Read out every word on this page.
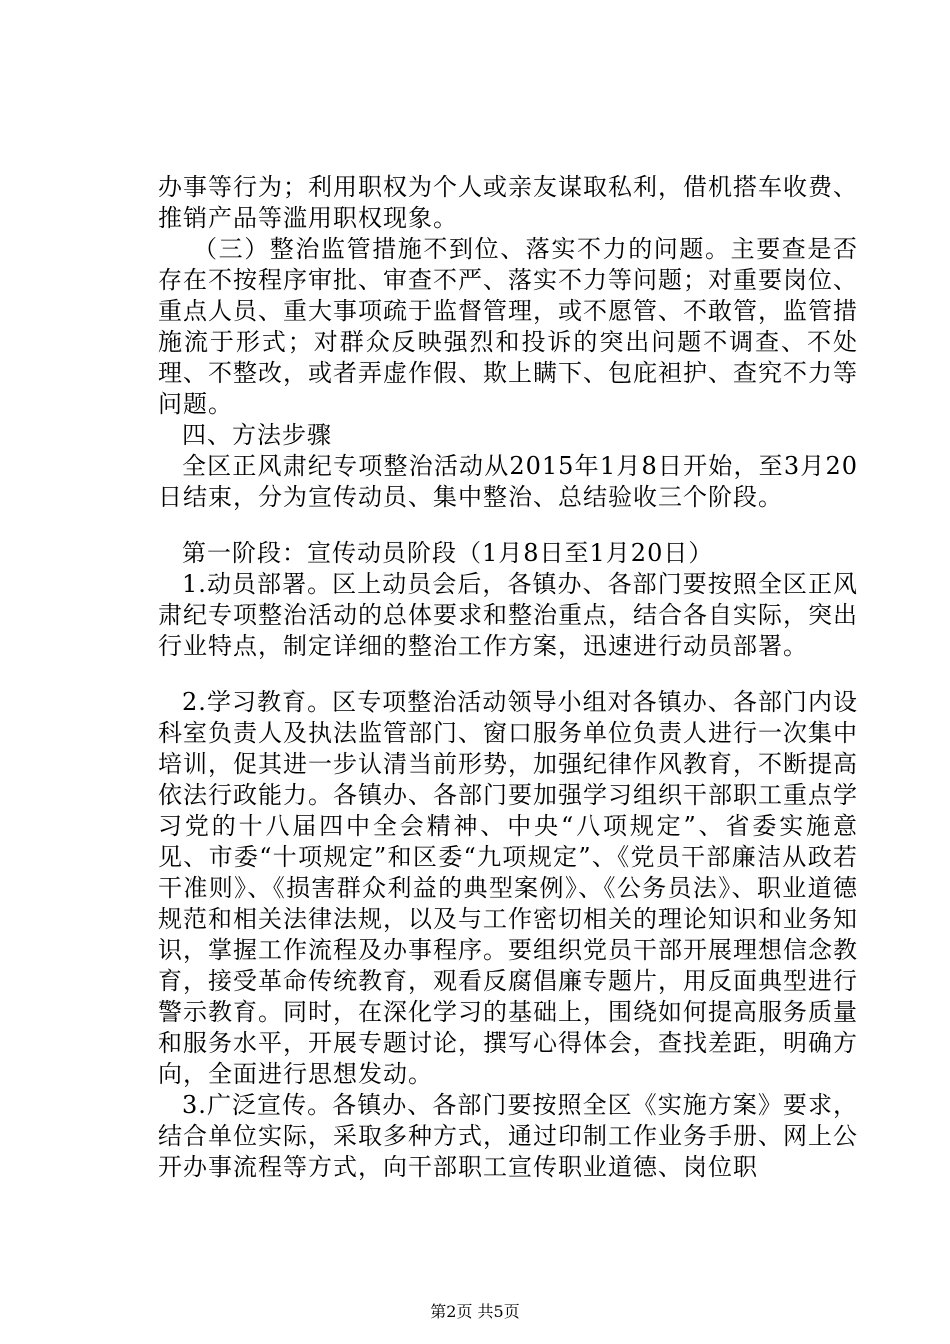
办事等行为；利用职权为个人或亲友谋取私利，借机搭车收费、推销产品等滥用职权现象。

（三）整治监管措施不到位、落实不力的问题。主要查是否存在不按程序审批、审查不严、落实不力等问题；对重要岗位、重点人员、重大事项疏于监督管理，或不愿管、不敢管，监管措施流于形式；对群众反映强烈和投诉的突出问题不调查、不处理、不整改，或者弄虚作假、欺上瞒下、包庇袒护、查究不力等问题。

四、方法步骤

全区正风肃纪专项整治活动从2015年1月8日开始，至3月20日结束，分为宣传动员、集中整治、总结验收三个阶段。

第一阶段：宣传动员阶段（1月8日至1月20日）

1.动员部署。区上动员会后，各镇办、各部门要按照全区正风肃纪专项整治活动的总体要求和整治重点，结合各自实际，突出行业特点，制定详细的整治工作方案，迅速进行动员部署。

2.学习教育。区专项整治活动领导小组对各镇办、各部门内设科室负责人及执法监管部门、窗口服务单位负责人进行一次集中培训，促其进一步认清当前形势，加强纪律作风教育，不断提高依法行政能力。各镇办、各部门要加强学习组织干部职工重点学习党的十八届四中全会精神、中央“八项规定”、省委实施意见、市委“十项规定”和区委“九项规定”、《党员干部廉洁从政若干准则》、《损害群众利益的典型案例》、《公务员法》、职业道德规范和相关法律法规，以及与工作密切相关的理论知识和业务知识，掌握工作流程及办事程序。要组织党员干部开展理想信念教育，接受革命传统教育，观看反腐倡廉专题片，用反面典型进行警示教育。同时，在深化学习的基础上，围绕如何提高服务质量和服务水平，开展专题讨论，撰写心得体会，查找差距，明确方向，全面进行思想发动。

3.广泛宣传。各镇办、各部门要按照全区《实施方案》要求，结合单位实际，采取多种方式，通过印制工作业务手册、网上公开办事流程等方式，向干部职工宣传职业道德、岗位职

第2页 共5页
